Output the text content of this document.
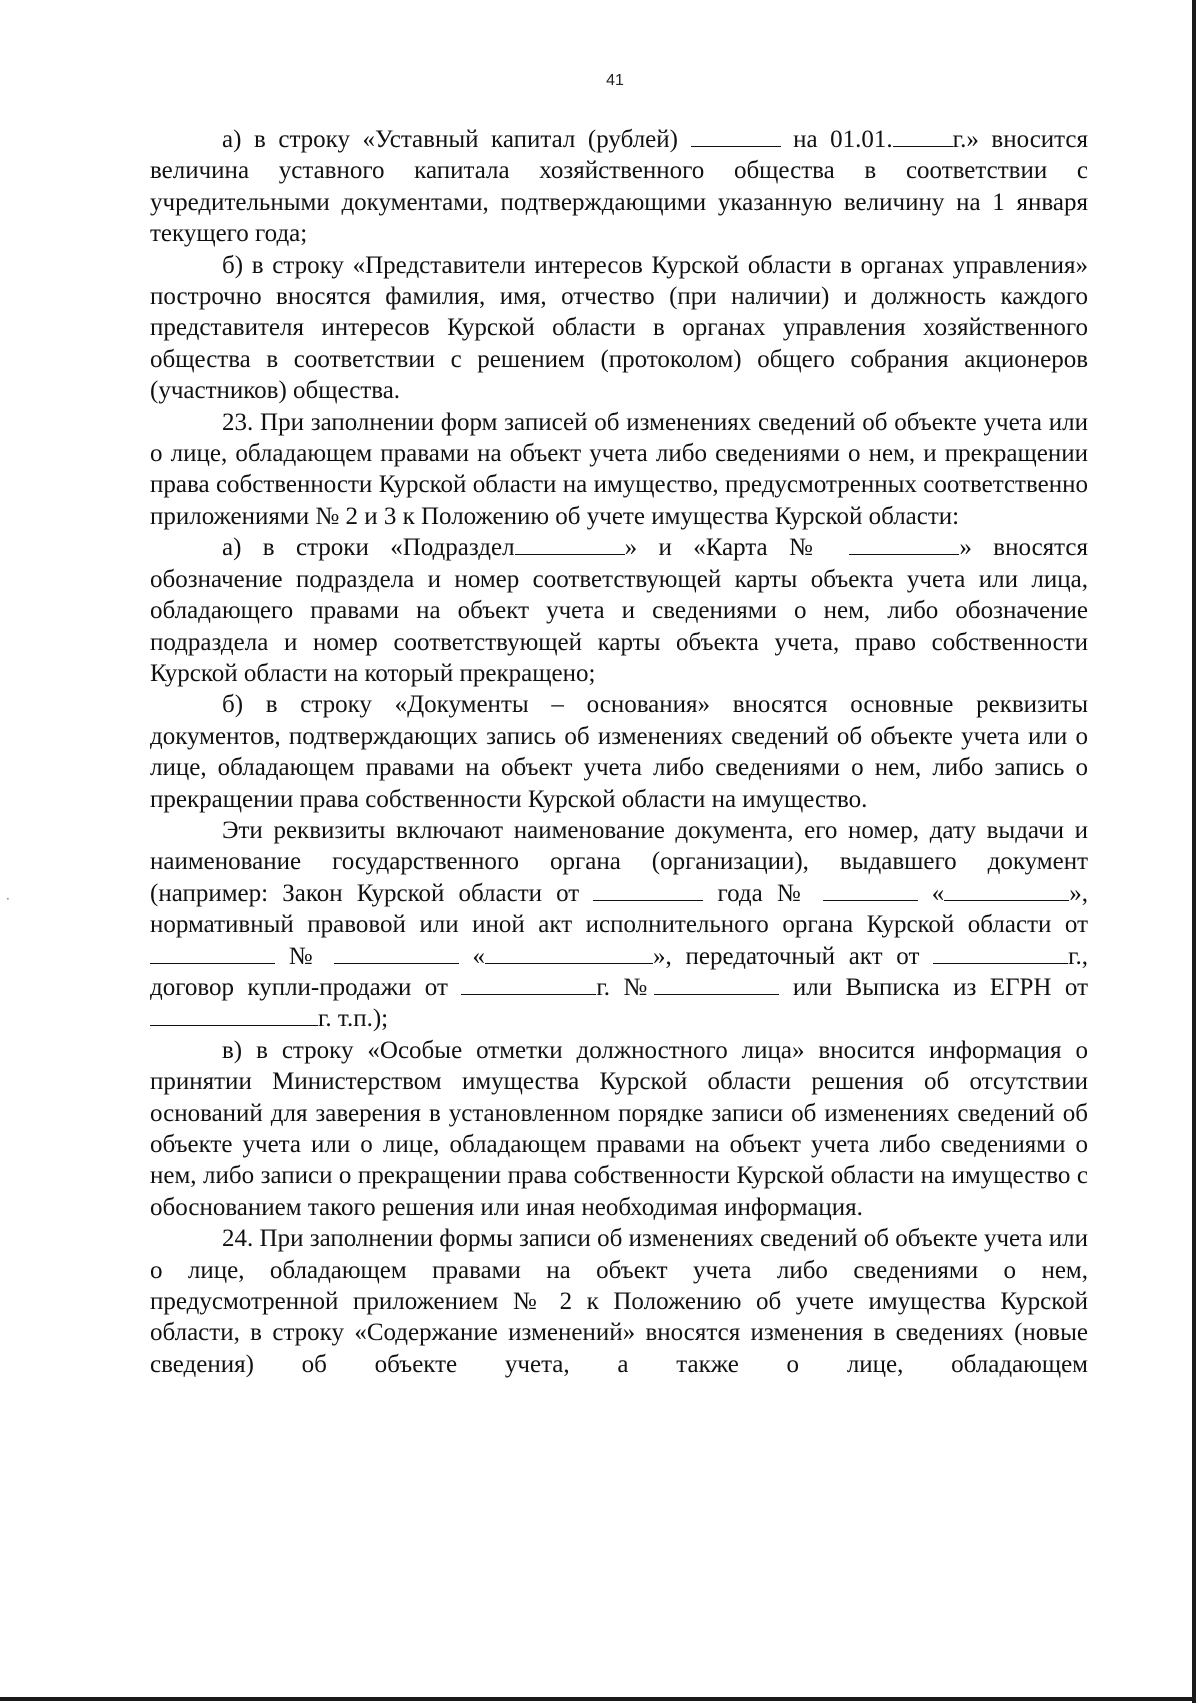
·
41

а) в строку «Уставный капитал (рублей)	на 01.01. г.» вносится величина уставного капитала хозяйственного общества в соответствии с учредительными документами, подтверждающими указанную величину на 1 января текущего года;

б) в строку «Представители интересов Курской области в органах управления» построчно вносятся фамилия, имя, отчество (при наличии) и должность каждого представителя интересов Курской области в органах управления хозяйственного общества в соответствии с решением (протоколом) общего собрания акционеров (участников) общества.

23. При заполнении форм записей об изменениях сведений об объекте учета или о лице, обладающем правами на объект учета либо сведениями о нем, и прекращении права собственности Курской области на имущество, предусмотренных соответственно приложениями № 2 и 3 к Положению об учете имущества Курской области:

а) в строки «Подраздел	» и «Карта №	» вносятся обозначение подраздела и номер соответствующей карты объекта учета или лица, обладающего правами на объект учета и сведениями о нем, либо обозначение подраздела и номер соответствующей карты объекта учета, право собственности Курской области на который прекращено;

б) в строку «Документы – основания» вносятся основные реквизиты документов, подтверждающих запись об изменениях сведений об объекте учета или о лице, обладающем правами на объект учета либо сведениями о нем, либо запись о прекращении права собственности Курской области на имущество.

Эти реквизиты включают наименование документа, его номер, дату выдачи и наименование государственного органа (организации), выдавшего документ (например: Закон Курской области от	года №	«	», нормативный правовой или иной акт исполнительного органа Курской области от  №	«	», передаточный акт от	г., договор купли-продажи от	г. №	или Выписка из ЕГРН от г. т.п.);

в) в строку «Особые отметки должностного лица» вносится информация о принятии Министерством имущества Курской области решения об отсутствии оснований для заверения в установленном порядке записи об изменениях сведений об объекте учета или о лице, обладающем правами на объект учета либо сведениями о нем, либо записи о прекращении права собственности Курской области на имущество с обоснованием такого решения или иная необходимая информация.

24. При заполнении формы записи об изменениях сведений об объекте учета или о лице, обладающем правами на объект учета либо сведениями о нем, предусмотренной приложением № 2 к Положению об учете имущества Курской области, в строку «Содержание изменений» вносятся изменения в сведениях (новые сведения) об объекте учета, а также о лице, обладающем
